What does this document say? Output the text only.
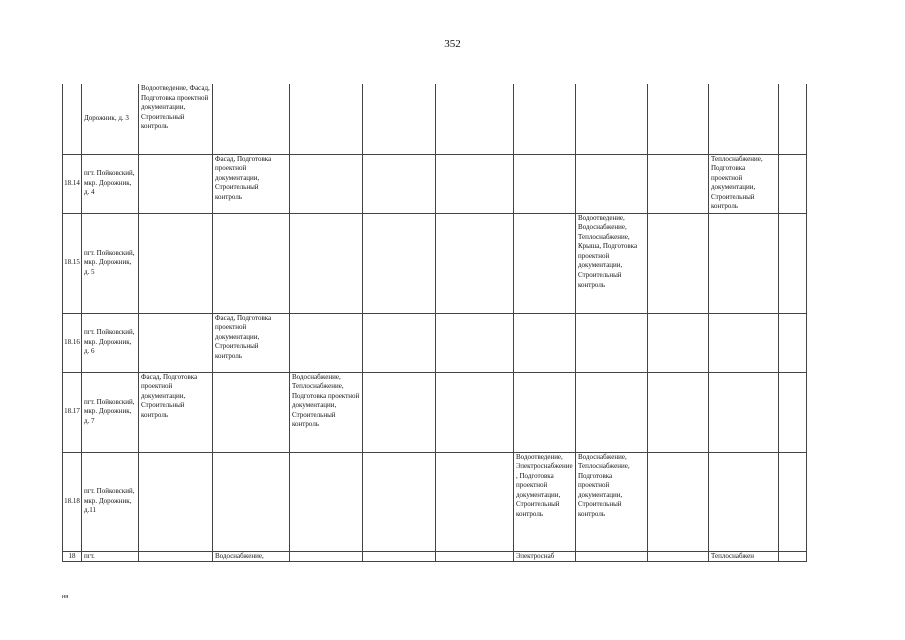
352
	Дорожник, д. 3	Водоотведение, Фасад, Подготовка проектной документации, Строительный контроль									
18.14	пгт. Пойковский, мкр. Дорожник, д. 4		Фасад, Подготовка проектной документации, Строительный контроль							Теплоснабжение, Подготовка проектной документации, Строительный контроль	
18.15	пгт. Пойковский, мкр. Дорожник, д. 5							Водоотведение, Водоснабжение, Теплоснабжение, Крыша, Подготовка проектной документации, Строительный контроль			
18.16	пгт. Пойковский, мкр. Дорожник, д. 6		Фасад, Подготовка проектной документации, Строительный контроль								
18.17	пгт. Пойковский, мкр. Дорожник, д. 7	Фасад, Подготовка проектной документации, Строительный контроль		Водоснабжение, Теплоснабжение, Подготовка проектной документации, Строительный контроль							
18.18	пгт. Пойковский, мкр. Дорожник, д.11						Водоотведение, Электроснабжение, Подготовка проектной документации, Строительный контроль	Водоснабжение, Теплоснабжение, Подготовка проектной документации, Строительный контроль			
18	пгт.		Водоснабжение,				Электроснаб			Теплоснабжен	
нн
